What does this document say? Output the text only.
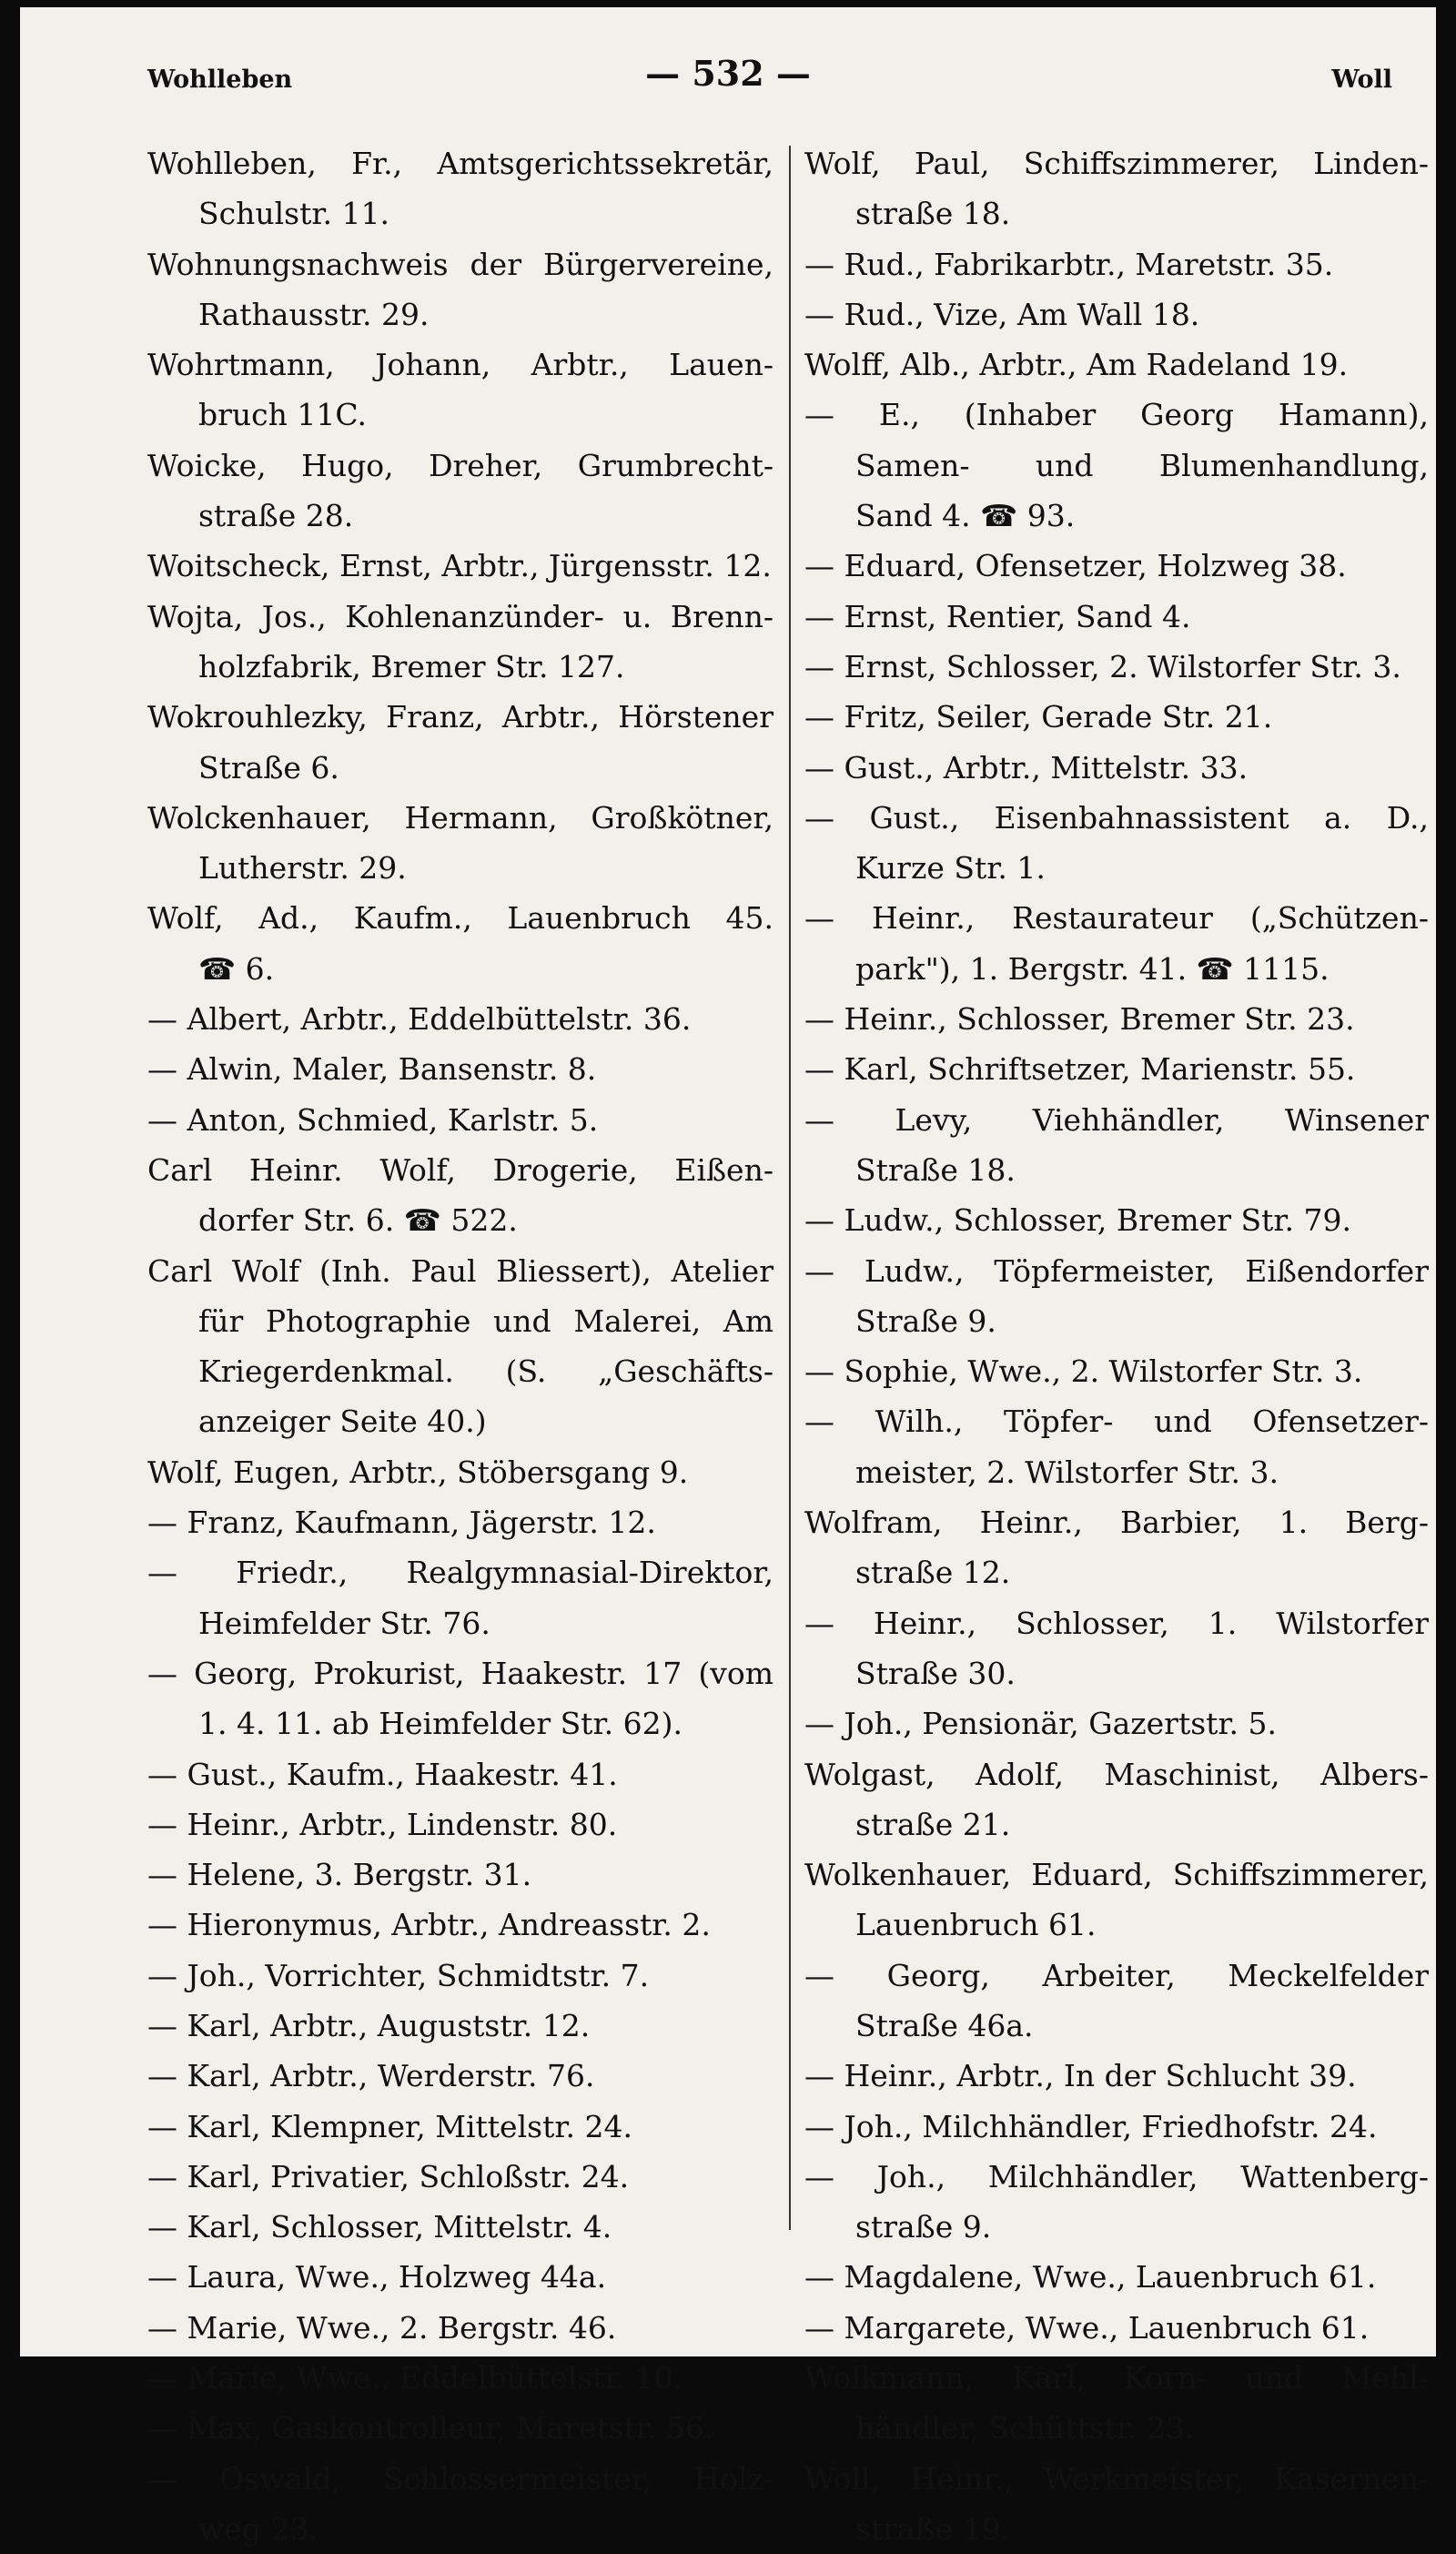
Wohlleben	— 532 —	Woll
Wohlleben, Fr., Amtsgerichtssekretär,
Schulstr. 11.
Wohnungsnachweis der Bürgervereine,
Rathausstr. 29.
Wohrtmann, Johann, Arbtr., Lauen-
bruch 11C.
Woicke, Hugo, Dreher, Grumbrecht-
straße 28.
Woitscheck, Ernst, Arbtr., Jürgensstr. 12.
Wojta, Jos., Kohlenanzünder- u. Brenn-
holzfabrik, Bremer Str. 127.
Wokrouhlezky, Franz, Arbtr., Hörstener
Straße 6.
Wolckenhauer, Hermann, Großkötner,
Lutherstr. 29.
Wolf, Ad., Kaufm., Lauenbruch 45.
☎ 6.
— Albert, Arbtr., Eddelbüttelstr. 36.
— Alwin, Maler, Bansenstr. 8.
— Anton, Schmied, Karlstr. 5.
Carl Heinr. Wolf, Drogerie, Eißen-
dorfer Str. 6. ☎ 522.
Carl Wolf (Inh. Paul Bliessert), Atelier
für Photographie und Malerei, Am
Kriegerdenkmal. (S. „Geschäfts-
anzeiger Seite 40.)
Wolf, Eugen, Arbtr., Stöbersgang 9.
— Franz, Kaufmann, Jägerstr. 12.
— Friedr., Realgymnasial-Direktor,
Heimfelder Str. 76.
— Georg, Prokurist, Haakestr. 17 (vom
1. 4. 11. ab Heimfelder Str. 62).
— Gust., Kaufm., Haakestr. 41.
— Heinr., Arbtr., Lindenstr. 80.
— Helene, 3. Bergstr. 31.
— Hieronymus, Arbtr., Andreasstr. 2.
— Joh., Vorrichter, Schmidtstr. 7.
— Karl, Arbtr., Auguststr. 12.
— Karl, Arbtr., Werderstr. 76.
— Karl, Klempner, Mittelstr. 24.
— Karl, Privatier, Schloßstr. 24.
— Karl, Schlosser, Mittelstr. 4.
— Laura, Wwe., Holzweg 44a.
— Marie, Wwe., 2. Bergstr. 46.
— Marie, Wwe., Eddelbüttelstr. 10.
— Max, Gaskontrolleur, Maretstr. 56.
— Oswald, Schlossermeister, Holz-
weg 23.
Wolf, Paul, Schiffszimmerer, Linden-
straße 18.
— Rud., Fabrikarbtr., Maretstr. 35.
— Rud., Vize, Am Wall 18.
Wolff, Alb., Arbtr., Am Radeland 19.
— E., (Inhaber Georg Hamann),
Samen- und Blumenhandlung,
Sand 4. ☎ 93.
— Eduard, Ofensetzer, Holzweg 38.
— Ernst, Rentier, Sand 4.
— Ernst, Schlosser, 2. Wilstorfer Str. 3.
— Fritz, Seiler, Gerade Str. 21.
— Gust., Arbtr., Mittelstr. 33.
— Gust., Eisenbahnassistent a. D.,
Kurze Str. 1.
— Heinr., Restaurateur („Schützen-
park"), 1. Bergstr. 41. ☎ 1115.
— Heinr., Schlosser, Bremer Str. 23.
— Karl, Schriftsetzer, Marienstr. 55.
— Levy, Viehhändler, Winsener
Straße 18.
— Ludw., Schlosser, Bremer Str. 79.
— Ludw., Töpfermeister, Eißendorfer
Straße 9.
— Sophie, Wwe., 2. Wilstorfer Str. 3.
— Wilh., Töpfer- und Ofensetzer-
meister, 2. Wilstorfer Str. 3.
Wolfram, Heinr., Barbier, 1. Berg-
straße 12.
— Heinr., Schlosser, 1. Wilstorfer
Straße 30.
— Joh., Pensionär, Gazertstr. 5.
Wolgast, Adolf, Maschinist, Albers-
straße 21.
Wolkenhauer, Eduard, Schiffszimmerer,
Lauenbruch 61.
— Georg, Arbeiter, Meckelfelder
Straße 46a.
— Heinr., Arbtr., In der Schlucht 39.
— Joh., Milchhändler, Friedhofstr. 24.
— Joh., Milchhändler, Wattenberg-
straße 9.
— Magdalene, Wwe., Lauenbruch 61.
— Margarete, Wwe., Lauenbruch 61.
Wolkmann, Karl, Korn- und Mehl-
händler, Schüttstr. 23.
Woll, Heinr., Werkmeister, Kasernen-
straße 19.
